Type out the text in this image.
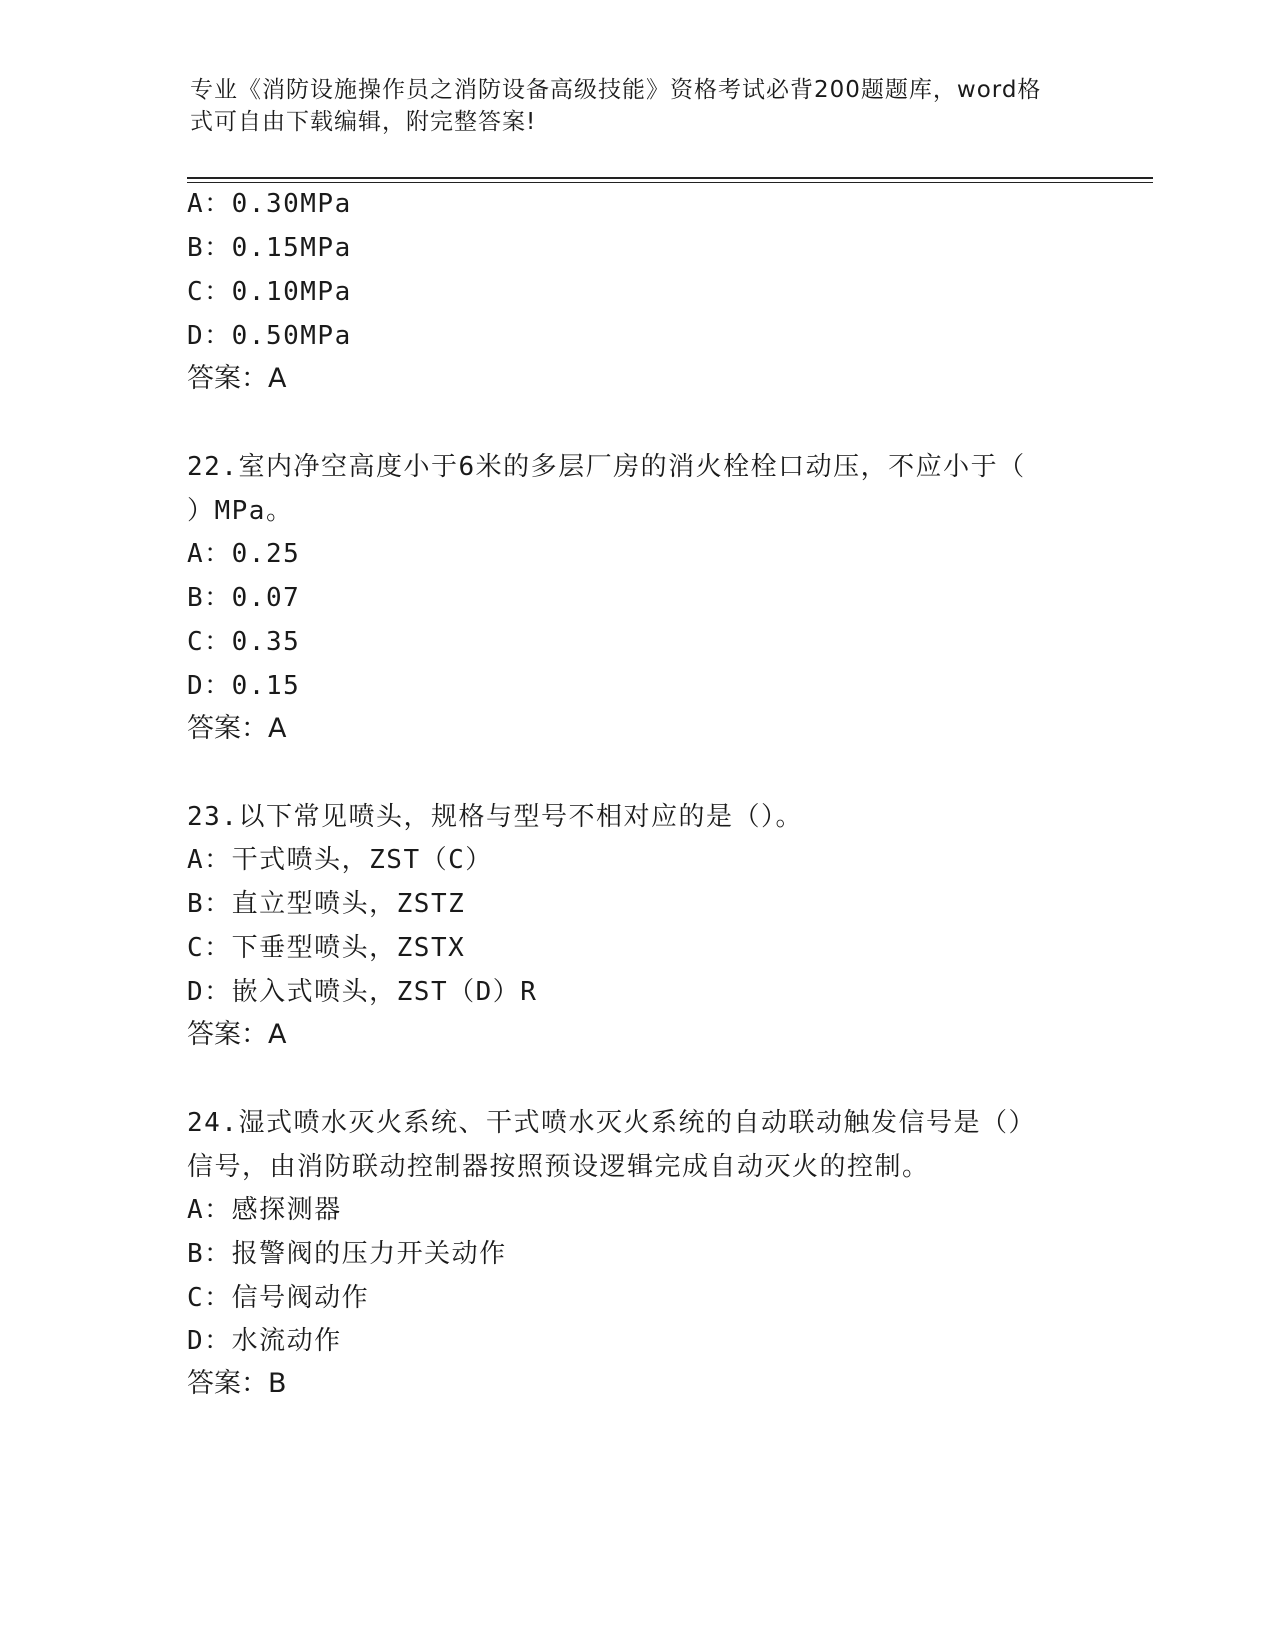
专业《消防设施操作员之消防设备高级技能》资格考试必背200题题库，word格
式可自由下载编辑，附完整答案!
A：0.30MPa
B：0.15MPa
C：0.10MPa
D：0.50MPa
答案：A
22.室内净空高度小于6米的多层厂房的消火栓栓口动压，不应小于（
）MPa。
A：0.25
B：0.07
C：0.35
D：0.15
答案：A
23.以下常见喷头，规格与型号不相对应的是（）。
A：干式喷头，ZST（C）
B：直立型喷头，ZSTZ
C：下垂型喷头，ZSTX
D：嵌入式喷头，ZST（D）R
答案：A
24.湿式喷水灭火系统、干式喷水灭火系统的自动联动触发信号是（）
信号，由消防联动控制器按照预设逻辑完成自动灭火的控制。
A：感探测器
B：报警阀的压力开关动作
C：信号阀动作
D：水流动作
答案：B
